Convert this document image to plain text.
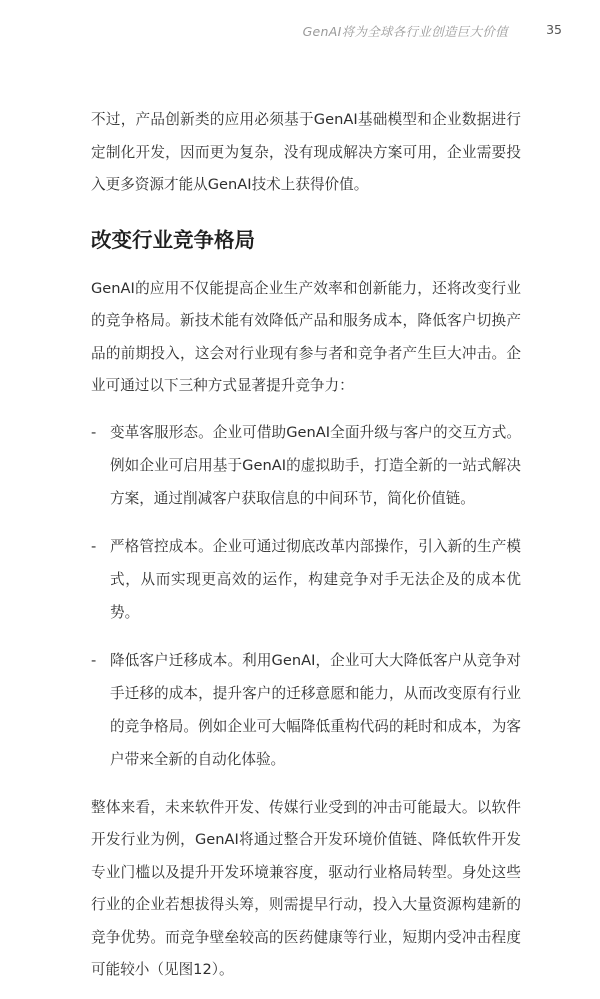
GenAI将为全球各行业创造巨大价值	35

不过，产品创新类的应用必须基于GenAI基础模型和企业数据进行定制化开发，因而更为复杂，没有现成解决方案可用，企业需要投入更多资源才能从GenAI技术上获得价值。

改变行业竞争格局

GenAI的应用不仅能提高企业生产效率和创新能力，还将改变行业的竞争格局。新技术能有效降低产品和服务成本，降低客户切换产品的前期投入，这会对行业现有参与者和竞争者产生巨大冲击。企业可通过以下三种方式显著提升竞争力：

- 变革客服形态。企业可借助GenAI全面升级与客户的交互方式。例如企业可启用基于GenAI的虚拟助手，打造全新的一站式解决方案，通过削减客户获取信息的中间环节，简化价值链。
- 严格管控成本。企业可通过彻底改革内部操作，引入新的生产模式，从而实现更高效的运作，构建竞争对手无法企及的成本优势。
- 降低客户迁移成本。利用GenAI，企业可大大降低客户从竞争对手迁移的成本，提升客户的迁移意愿和能力，从而改变原有行业的竞争格局。例如企业可大幅降低重构代码的耗时和成本，为客户带来全新的自动化体验。

整体来看，未来软件开发、传媒行业受到的冲击可能最大。以软件开发行业为例，GenAI将通过整合开发环境价值链、降低软件开发专业门槛以及提升开发环境兼容度，驱动行业格局转型。身处这些行业的企业若想拔得头筹，则需提早行动，投入大量资源构建新的竞争优势。而竞争壁垒较高的医药健康等行业，短期内受冲击程度可能较小（见图12）。
